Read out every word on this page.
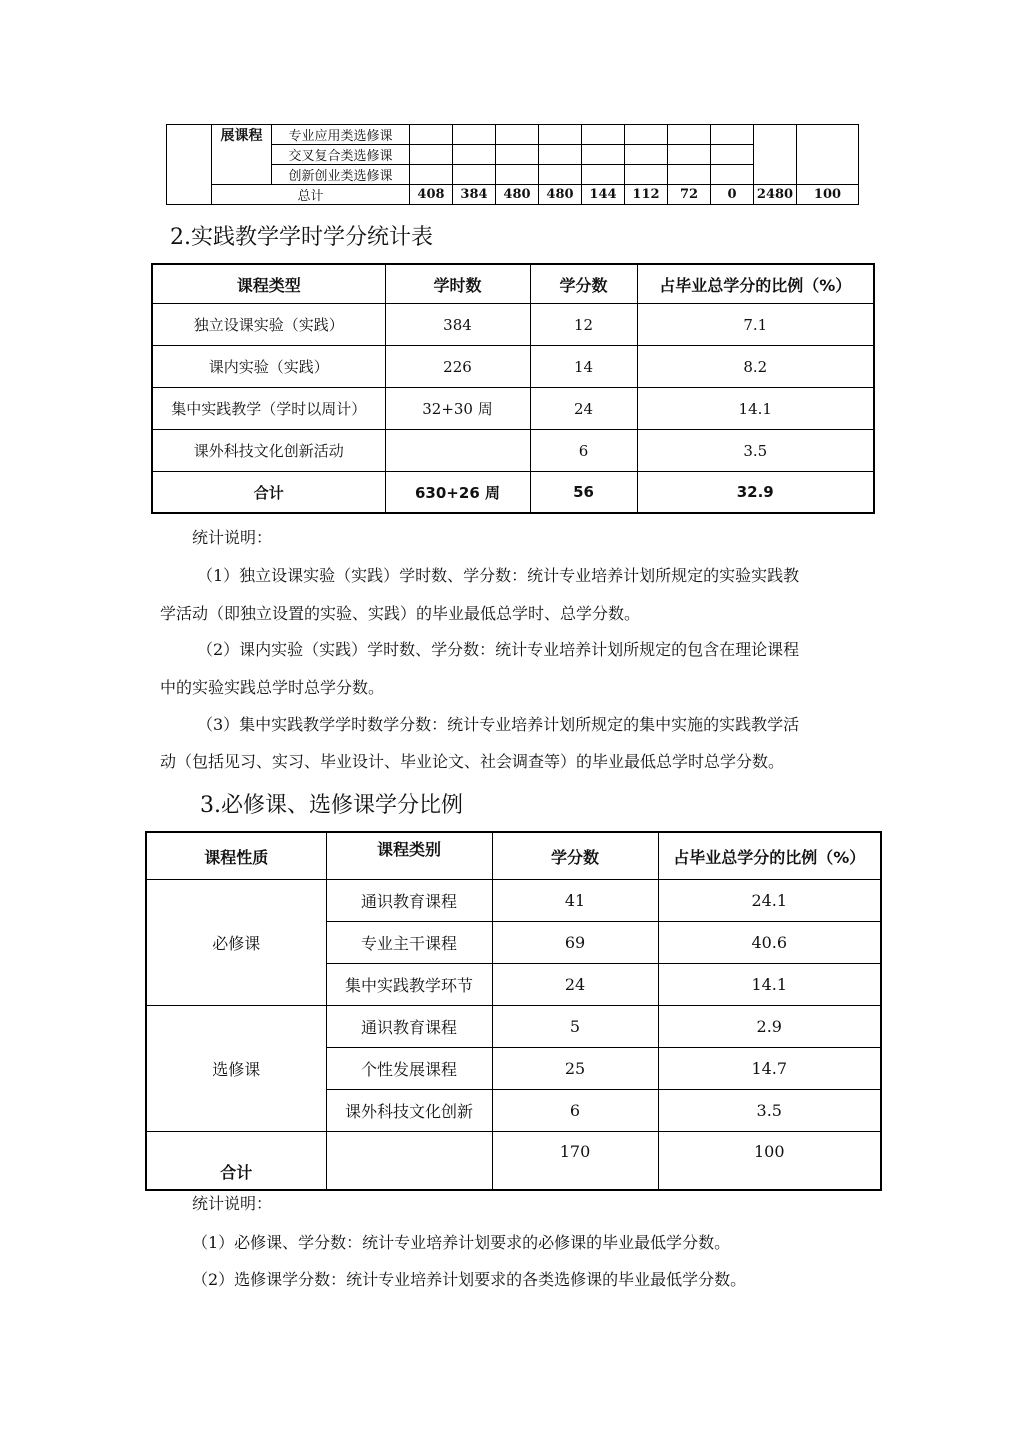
	展课程	专业应用类选修课										
		交叉复合类选修课										
		创新创业类选修课										
	总计		408	384	480	480	144	112	72	0	2480	100
2.实践教学学时学分统计表
课程类型	学时数	学分数	占毕业总学分的比例（%）
独立设课实验（实践）	384	12	7.1
课内实验（实践）	226	14	8.2
集中实践教学（学时以周计）	32+30 周	24	14.1
课外科技文化创新活动		6	3.5
合计	630+26 周	56	32.9
统计说明：
（1）独立设课实验（实践）学时数、学分数：统计专业培养计划所规定的实验实践教
学活动（即独立设置的实验、实践）的毕业最低总学时、总学分数。
（2）课内实验（实践）学时数、学分数：统计专业培养计划所规定的包含在理论课程
中的实验实践总学时总学分数。
（3）集中实践教学学时数学分数：统计专业培养计划所规定的集中实施的实践教学活
动（包括见习、实习、毕业设计、毕业论文、社会调查等）的毕业最低总学时总学分数。
3.必修课、选修课学分比例
课程性质	课程类别	学分数	占毕业总学分的比例（%）
必修课	通识教育课程	41	24.1
	专业主干课程	69	40.6
	集中实践教学环节	24	14.1
选修课	通识教育课程	5	2.9
	个性发展课程	25	14.7
	课外科技文化创新	6	3.5
合计		170	100
统计说明：
（1）必修课、学分数：统计专业培养计划要求的必修课的毕业最低学分数。
（2）选修课学分数：统计专业培养计划要求的各类选修课的毕业最低学分数。
